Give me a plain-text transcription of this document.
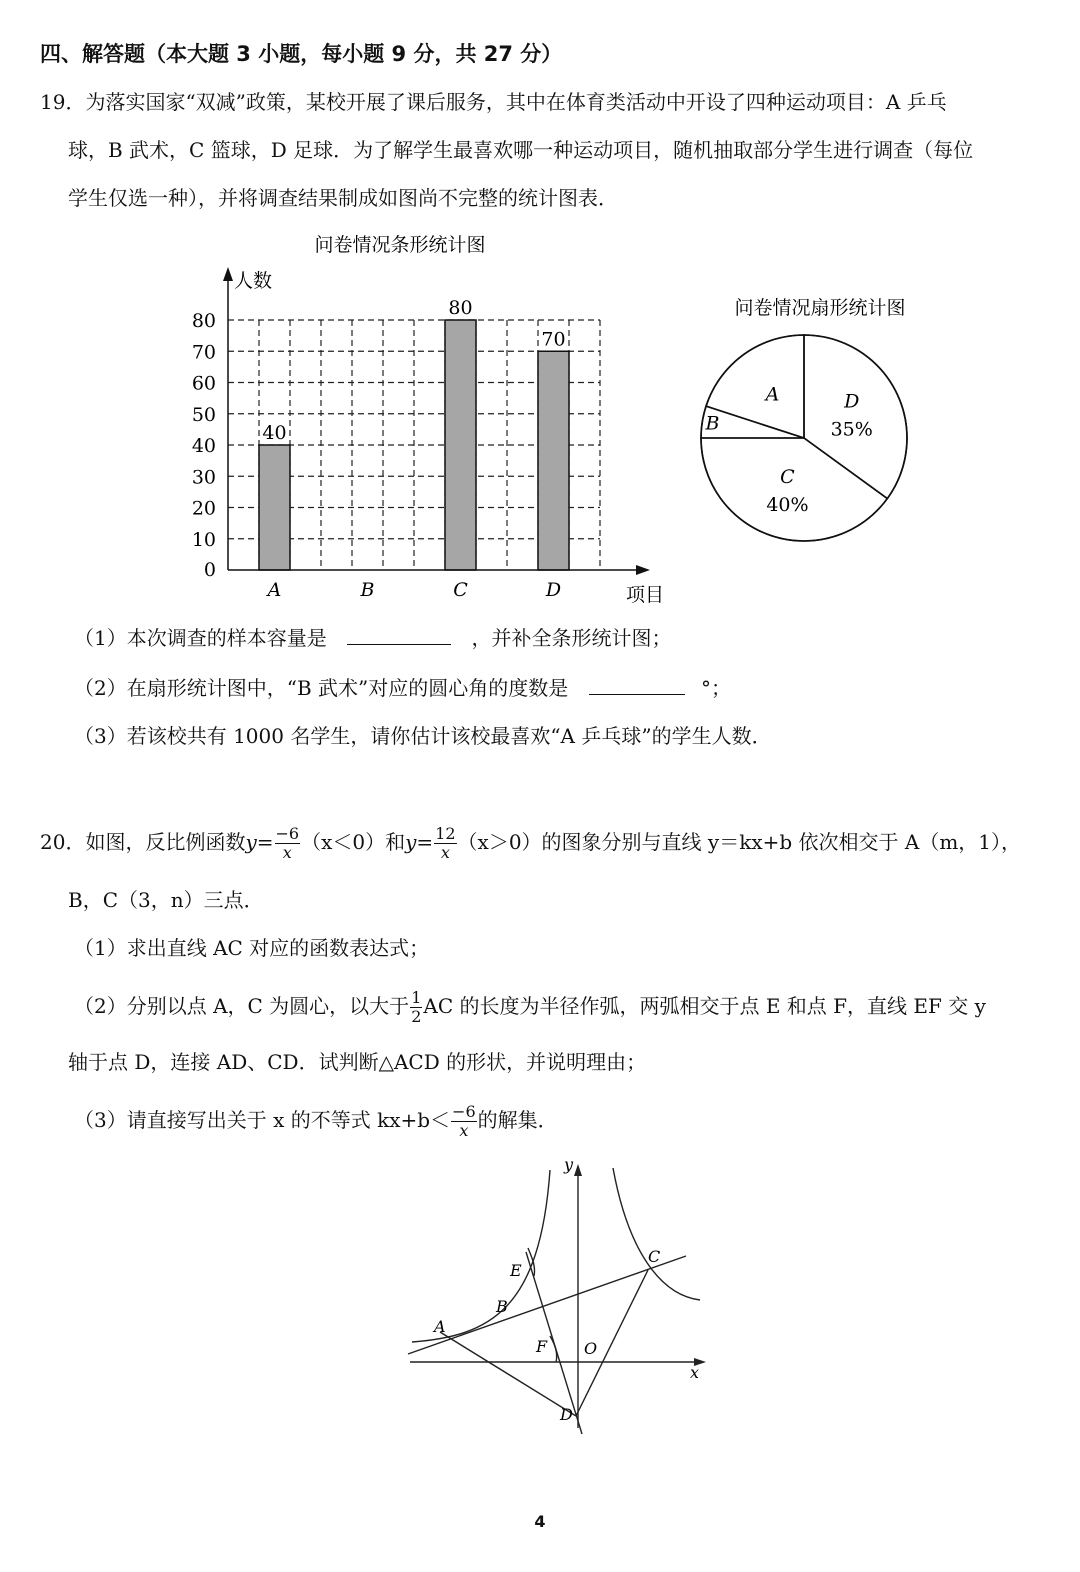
四、解答题（本大题 3 小题，每小题 9 分，共 27 分）
19．为落实国家“双减”政策，某校开展了课后服务，其中在体育类活动中开设了四种运动项目：A 乒乓
球，B 武术，C 篮球，D 足球．为了解学生最喜欢哪一种运动项目，随机抽取部分学生进行调查（每位
学生仅选一种），并将调查结果制成如图尚不完整的统计图表．
问卷情况条形统计图
40
80
70
0
10
20
30
40
50
60
70
80
A	B	C	D
人数
项目
问卷情况扇形统计图
D
35%
C
40%
B
A
（1）本次调查的样本容量是	，并补全条形统计图；
（2）在扇形统计图中，“B 武术”对应的圆心角的度数是	°；
（3）若该校共有 1000 名学生，请你估计该校最喜欢“A 乒乓球”的学生人数．
20．如图，反比例函数$y= \frac{-6}{x} (x<0)$和$y= \frac{12}{x} (x>0)$的图象分别与直线 y＝kx+b 依次相交于 A（m，1），
B，C（3，n）三点．
（1）求出直线 AC 对应的函数表达式；
（2）分别以点 A，C 为圆心，以大于 $\frac{1}{2}$ AC 的长度为半径作弧，两弧相交于点 E 和点 F，直线 EF 交 y
轴于点 D，连接 AD、CD．试判断△ACD 的形状，并说明理由；
（3）请直接写出关于 x 的不等式 $kx+b< \frac{-6}{x}$ 的解集．
y
x
O
A
B
C
D
E
F
4
